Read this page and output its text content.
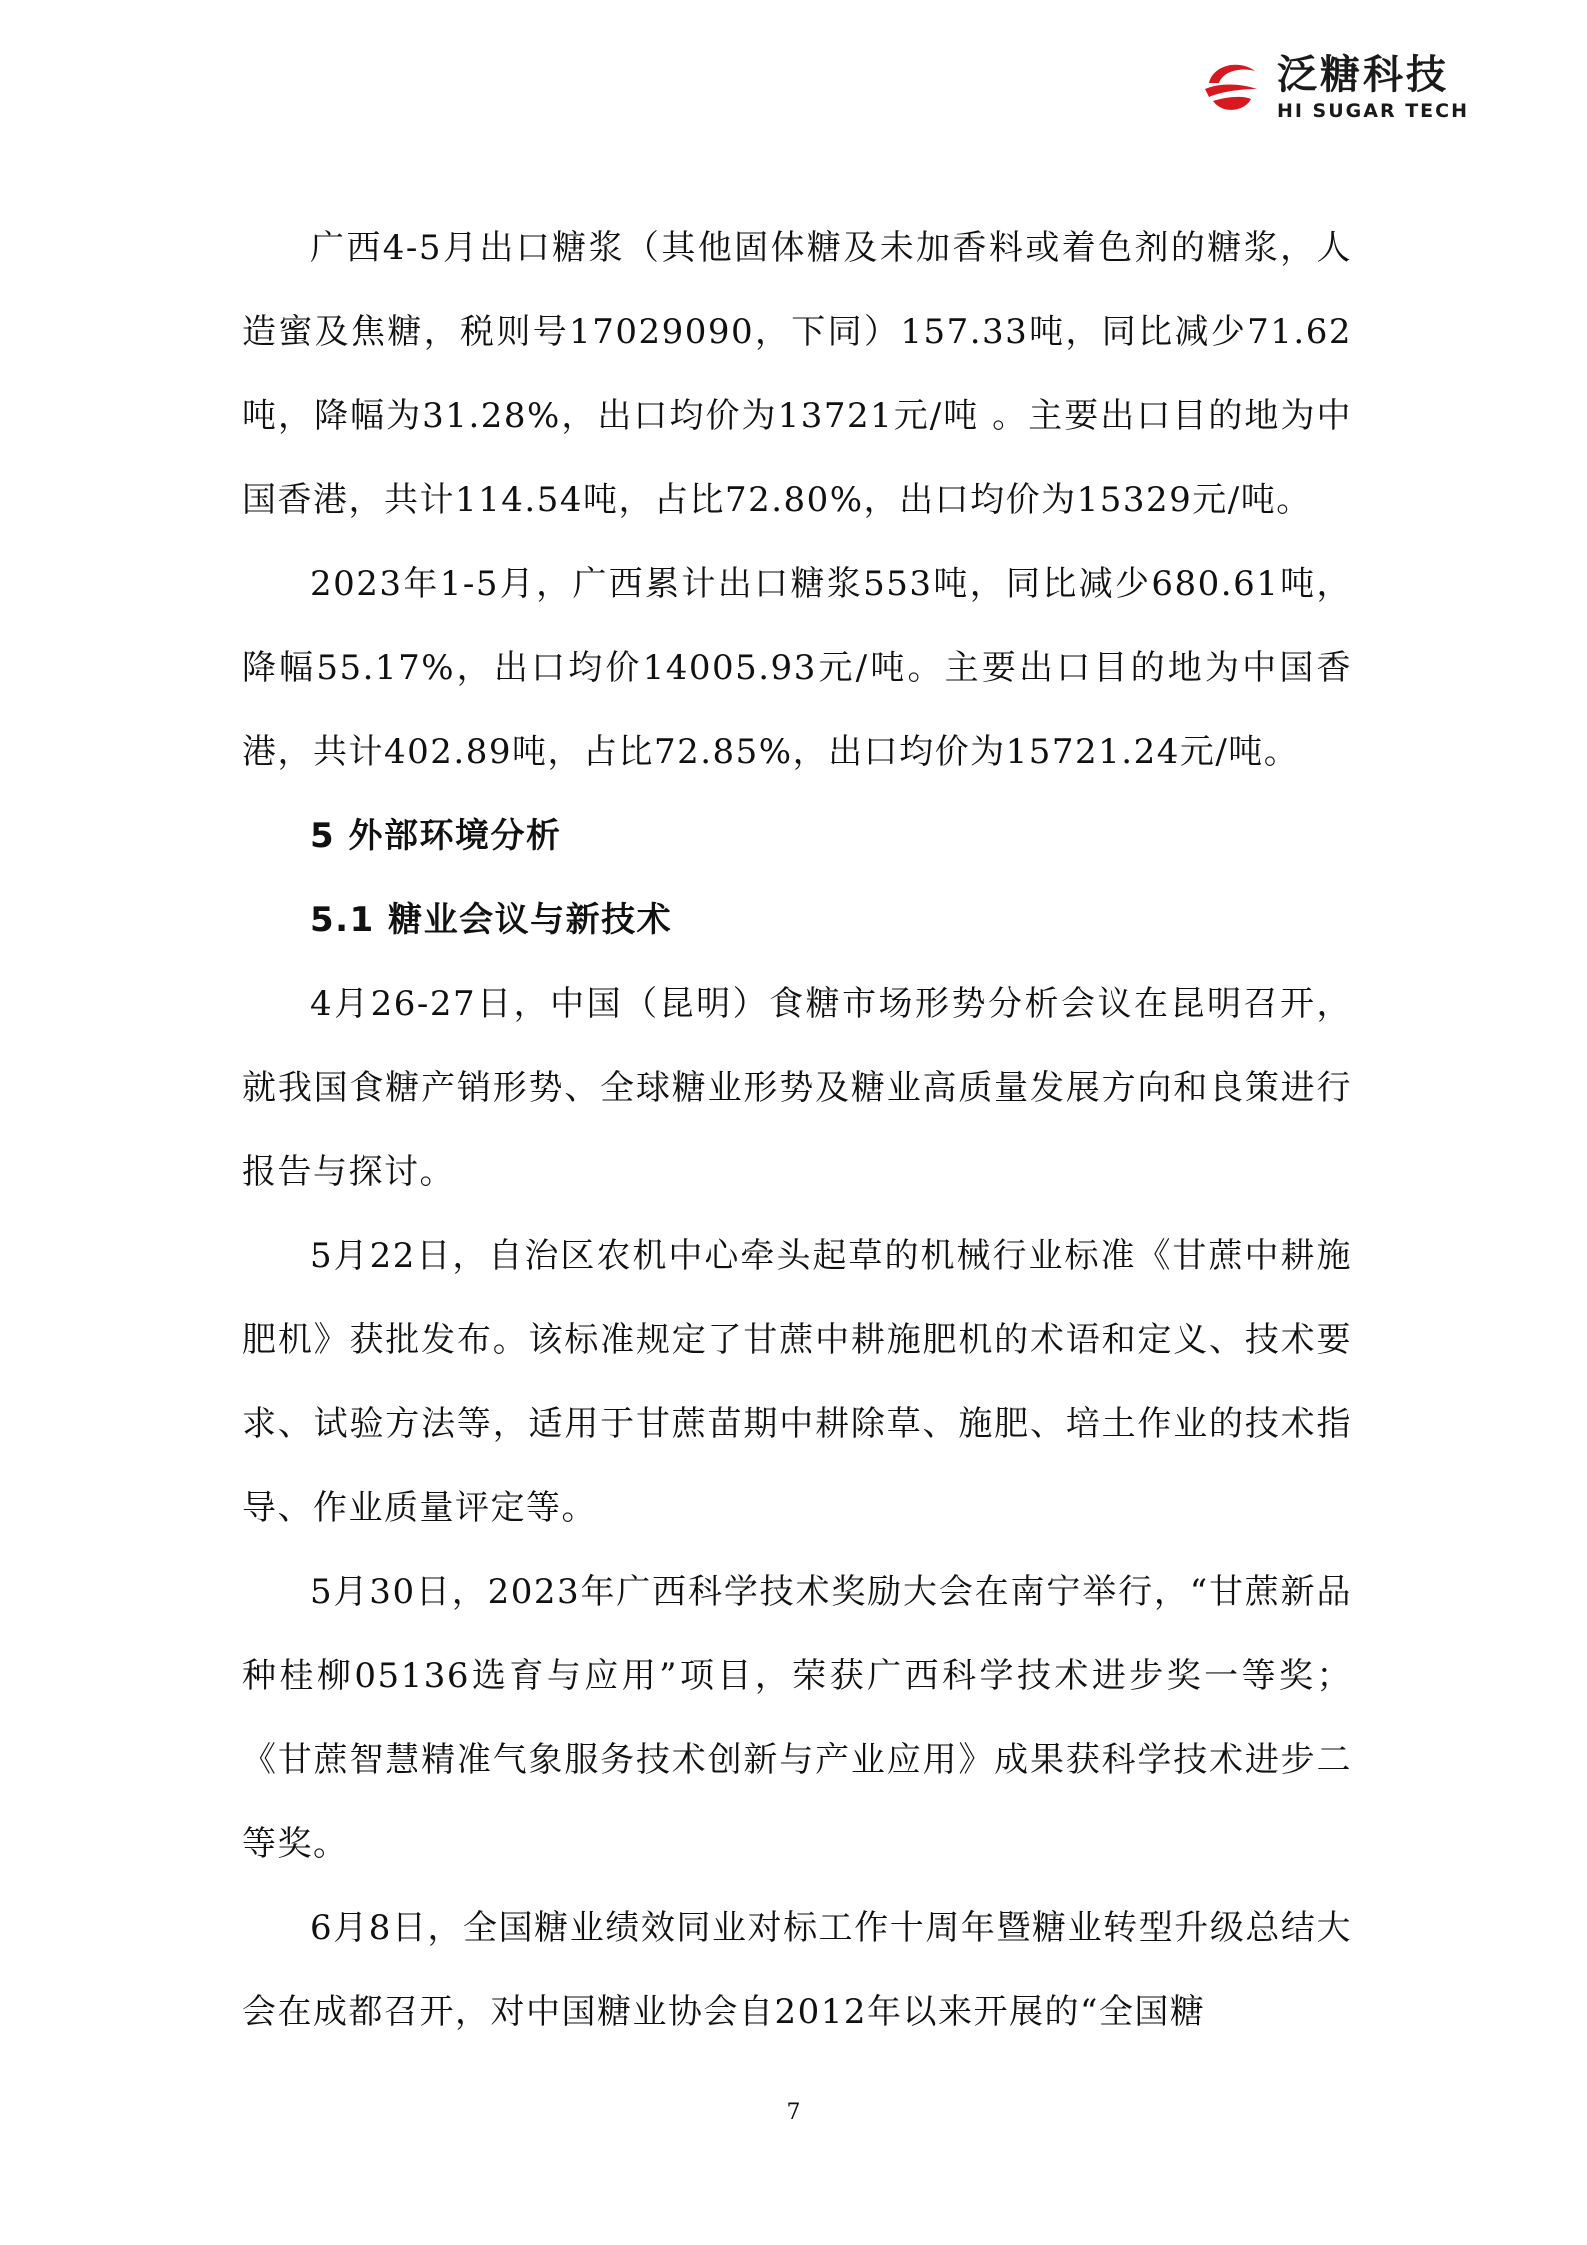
泛糖科技
HI SUGAR TECH

广西4-5月出口糖浆（其他固体糖及未加香料或着色剂的糖浆，人造蜜及焦糖，税则号17029090，下同）157.33吨，同比减少71.62吨，降幅为31.28%，出口均价为13721元/吨 。主要出口目的地为中国香港，共计114.54吨，占比72.80%，出口均价为15329元/吨。

2023年1-5月，广西累计出口糖浆553吨，同比减少680.61吨，降幅55.17%，出口均价14005.93元/吨。主要出口目的地为中国香港，共计402.89吨，占比72.85%，出口均价为15721.24元/吨。

5 外部环境分析

5.1 糖业会议与新技术

4月26-27日，中国（昆明）食糖市场形势分析会议在昆明召开，就我国食糖产销形势、全球糖业形势及糖业高质量发展方向和良策进行报告与探讨。

5月22日，自治区农机中心牵头起草的机械行业标准《甘蔗中耕施肥机》获批发布。该标准规定了甘蔗中耕施肥机的术语和定义、技术要求、试验方法等，适用于甘蔗苗期中耕除草、施肥、培土作业的技术指导、作业质量评定等。

5月30日，2023年广西科学技术奖励大会在南宁举行，“甘蔗新品种桂柳05136选育与应用”项目，荣获广西科学技术进步奖一等奖；《甘蔗智慧精准气象服务技术创新与产业应用》成果获科学技术进步二等奖。

6月8日，全国糖业绩效同业对标工作十周年暨糖业转型升级总结大会在成都召开，对中国糖业协会自2012年以来开展的“全国糖

7
